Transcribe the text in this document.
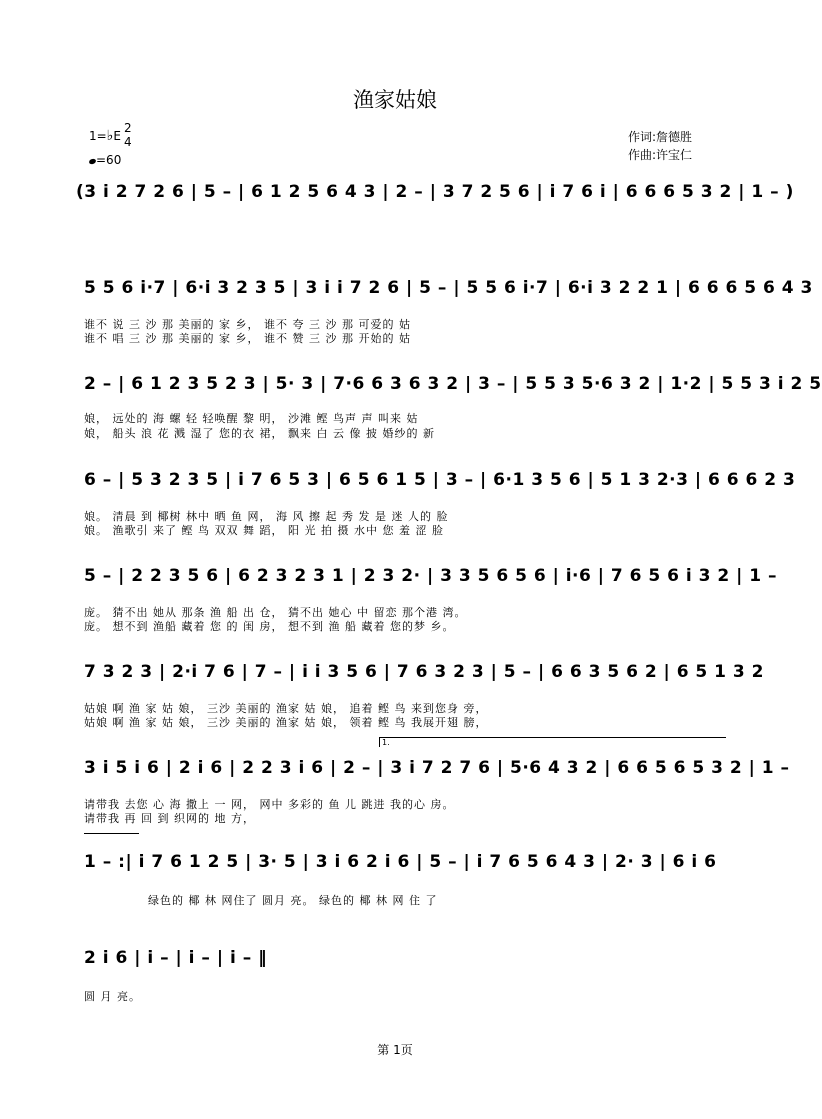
渔家姑娘
1=♭E
2
4
=60
作词:詹德胜
作曲:许宝仁
(3 i 2 7 2 6 | 5 – | 6 1 2 5 6 4 3 | 2 – | 3 7 2 5 6 | i 7 6 i | 6 6 6 5 3 2 | 1 – )
5 5 6 i·7 | 6·i 3 2 3 5 | 3 i i 7 2 6 | 5 – | 5 5 6 i·7 | 6·i 3 2 2 1 | 6 6 6 5 6 4 3
谁不 说 三 沙 那 美丽的 家 乡， 谁不 夸 三 沙 那 可爱的 姑
谁不 唱 三 沙 那 美丽的 家 乡， 谁不 赞 三 沙 那 开始的 姑
2 – | 6 1 2 3 5 2 3 | 5· 3 | 7·6 6 3 6 3 2 | 3 – | 5 5 3 5·6 3 2 | 1·2 | 5 5 3 i 2 5
娘， 远处的 海 螺 轻 轻唤醒 黎 明， 沙滩 鲣 鸟声 声 叫来 姑
娘， 船头 浪 花 溅 湿了 您的衣 裙， 飘来 白 云 像 披 婚纱的 新
6 – | 5 3 2 3 5 | i 7 6 5 3 | 6 5 6 1 5 | 3 – | 6·1 3 5 6 | 5 1 3 2·3 | 6 6 6 2 3
娘。 清晨 到 椰树 林中 晒 鱼 网， 海 风 擦 起 秀 发 是 迷 人的 脸
娘。 渔歌引 来了 鲣 鸟 双双 舞 蹈， 阳 光 拍 摄 水中 您 羞 涩 脸
5 – | 2 2 3 5 6 | 6 2 3 2 3 1 | 2 3 2· | 3 3 5 6 5 6 | i·6 | 7 6 5 6 i 3 2 | 1 –
庞。 猜不出 她从 那条 渔 船 出 仓， 猜不出 她心 中 留恋 那个港 湾。
庞。 想不到 渔船 藏着 您 的 闺 房， 想不到 渔 船 藏着 您的梦 乡。
7 3 2 3 | 2·i 7 6 | 7 – | i i 3 5 6 | 7 6 3 2 3 | 5 – | 6 6 3 5 6 2 | 6 5 1 3 2
姑娘 啊 渔 家 姑 娘， 三沙 美丽的 渔家 姑 娘， 追着 鲣 鸟 来到您身 旁，
姑娘 啊 渔 家 姑 娘， 三沙 美丽的 渔家 姑 娘， 领着 鲣 鸟 我展开翅 膀，
1.
3 i 5 i 6 | 2 i 6 | 2 2 3 i 6 | 2 – | 3 i 7 2 7 6 | 5·6 4 3 2 | 6 6 5 6 5 3 2 | 1 –
请带我 去您 心 海 撒上 一 网， 网中 多彩的 鱼 儿 跳进 我的心 房。
请带我 再 回 到 织网的 地 方，
1 – :| i 7 6 1 2 5 | 3· 5 | 3 i 6 2 i 6 | 5 – | i 7 6 5 6 4 3 | 2· 3 | 6 i 6
绿色的 椰 林 网住了 圆月 亮。 绿色的 椰 林 网 住 了
2 i 6 | i – | i – | i – ‖
圆 月 亮。
第 1页
